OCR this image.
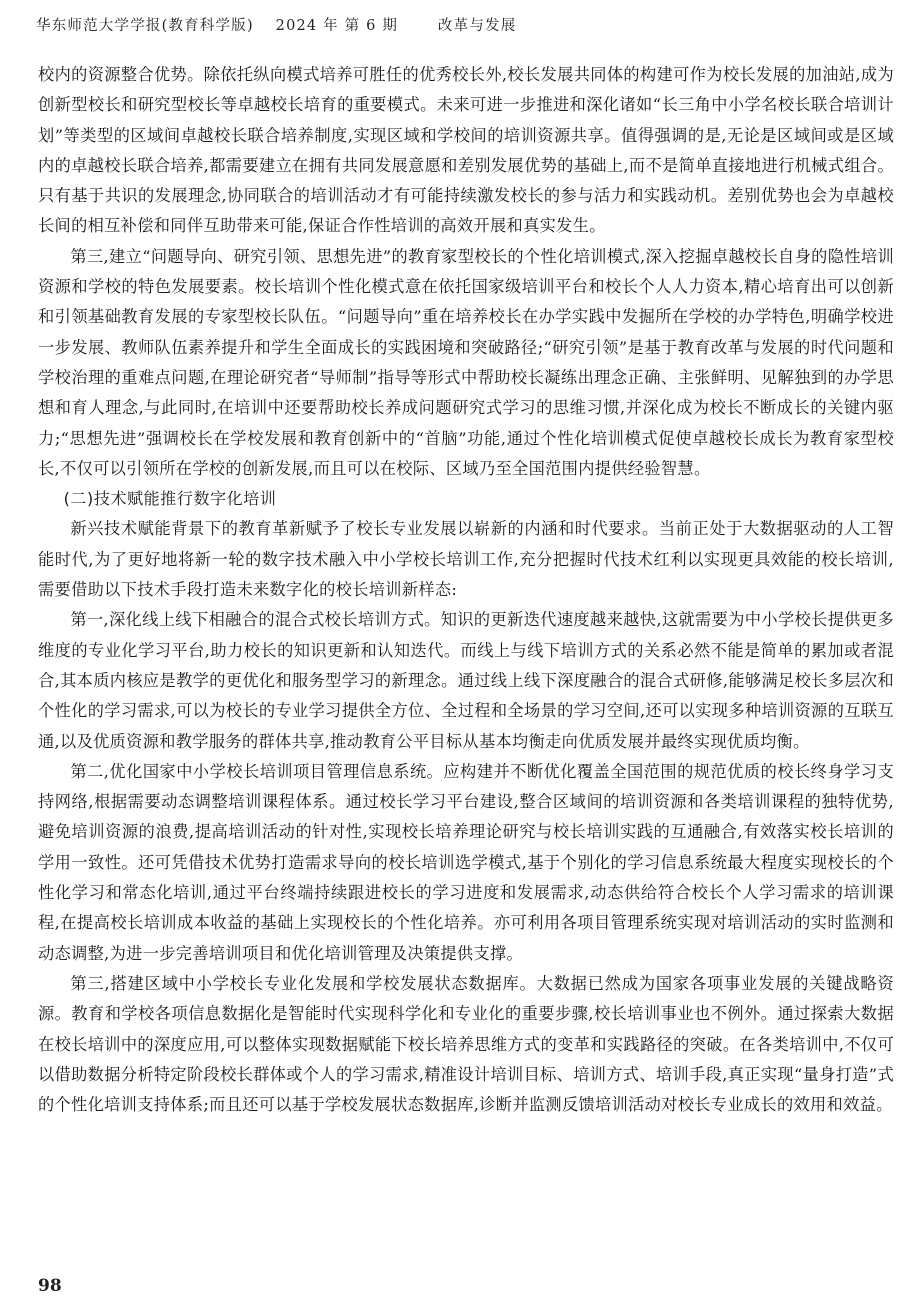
华东师范大学学报(教育科学版) 2024 年 第 6 期	改革与发展

校内的资源整合优势。除依托纵向模式培养可胜任的优秀校长外,校长发展共同体的构建可作为校长发展的加油站,成为创新型校长和研究型校长等卓越校长培育的重要模式。未来可进一步推进和深化诸如“长三角中小学名校长联合培训计划”等类型的区域间卓越校长联合培养制度,实现区域和学校间的培训资源共享。值得强调的是,无论是区域间或是区域内的卓越校长联合培养,都需要建立在拥有共同发展意愿和差别发展优势的基础上,而不是简单直接地进行机械式组合。只有基于共识的发展理念,协同联合的培训活动才有可能持续激发校长的参与活力和实践动机。差别优势也会为卓越校长间的相互补偿和同伴互助带来可能,保证合作性培训的高效开展和真实发生。

第三,建立“问题导向、研究引领、思想先进”的教育家型校长的个性化培训模式,深入挖掘卓越校长自身的隐性培训资源和学校的特色发展要素。校长培训个性化模式意在依托国家级培训平台和校长个人人力资本,精心培育出可以创新和引领基础教育发展的专家型校长队伍。“问题导向”重在培养校长在办学实践中发掘所在学校的办学特色,明确学校进一步发展、教师队伍素养提升和学生全面成长的实践困境和突破路径;“研究引领”是基于教育改革与发展的时代问题和学校治理的重难点问题,在理论研究者“导师制”指导等形式中帮助校长凝练出理念正确、主张鲜明、见解独到的办学思想和育人理念,与此同时,在培训中还要帮助校长养成问题研究式学习的思维习惯,并深化成为校长不断成长的关键内驱力;“思想先进”强调校长在学校发展和教育创新中的“首脑”功能,通过个性化培训模式促使卓越校长成长为教育家型校长,不仅可以引领所在学校的创新发展,而且可以在校际、区域乃至全国范围内提供经验智慧。

(二)技术赋能推行数字化培训

新兴技术赋能背景下的教育革新赋予了校长专业发展以崭新的内涵和时代要求。当前正处于大数据驱动的人工智能时代,为了更好地将新一轮的数字技术融入中小学校长培训工作,充分把握时代技术红利以实现更具效能的校长培训,需要借助以下技术手段打造未来数字化的校长培训新样态:

第一,深化线上线下相融合的混合式校长培训方式。知识的更新迭代速度越来越快,这就需要为中小学校长提供更多维度的专业化学习平台,助力校长的知识更新和认知迭代。而线上与线下培训方式的关系必然不能是简单的累加或者混合,其本质内核应是教学的更优化和服务型学习的新理念。通过线上线下深度融合的混合式研修,能够满足校长多层次和个性化的学习需求,可以为校长的专业学习提供全方位、全过程和全场景的学习空间,还可以实现多种培训资源的互联互通,以及优质资源和教学服务的群体共享,推动教育公平目标从基本均衡走向优质发展并最终实现优质均衡。

第二,优化国家中小学校长培训项目管理信息系统。应构建并不断优化覆盖全国范围的规范优质的校长终身学习支持网络,根据需要动态调整培训课程体系。通过校长学习平台建设,整合区域间的培训资源和各类培训课程的独特优势,避免培训资源的浪费,提高培训活动的针对性,实现校长培养理论研究与校长培训实践的互通融合,有效落实校长培训的学用一致性。还可凭借技术优势打造需求导向的校长培训选学模式,基于个别化的学习信息系统最大程度实现校长的个性化学习和常态化培训,通过平台终端持续跟进校长的学习进度和发展需求,动态供给符合校长个人学习需求的培训课程,在提高校长培训成本收益的基础上实现校长的个性化培养。亦可利用各项目管理系统实现对培训活动的实时监测和动态调整,为进一步完善培训项目和优化培训管理及决策提供支撑。

第三,搭建区域中小学校长专业化发展和学校发展状态数据库。大数据已然成为国家各项事业发展的关键战略资源。教育和学校各项信息数据化是智能时代实现科学化和专业化的重要步骤,校长培训事业也不例外。通过探索大数据在校长培训中的深度应用,可以整体实现数据赋能下校长培养思维方式的变革和实践路径的突破。在各类培训中,不仅可以借助数据分析特定阶段校长群体或个人的学习需求,精准设计培训目标、培训方式、培训手段,真正实现“量身打造”式的个性化培训支持体系;而且还可以基于学校发展状态数据库,诊断并监测反馈培训活动对校长专业成长的效用和效益。

98
